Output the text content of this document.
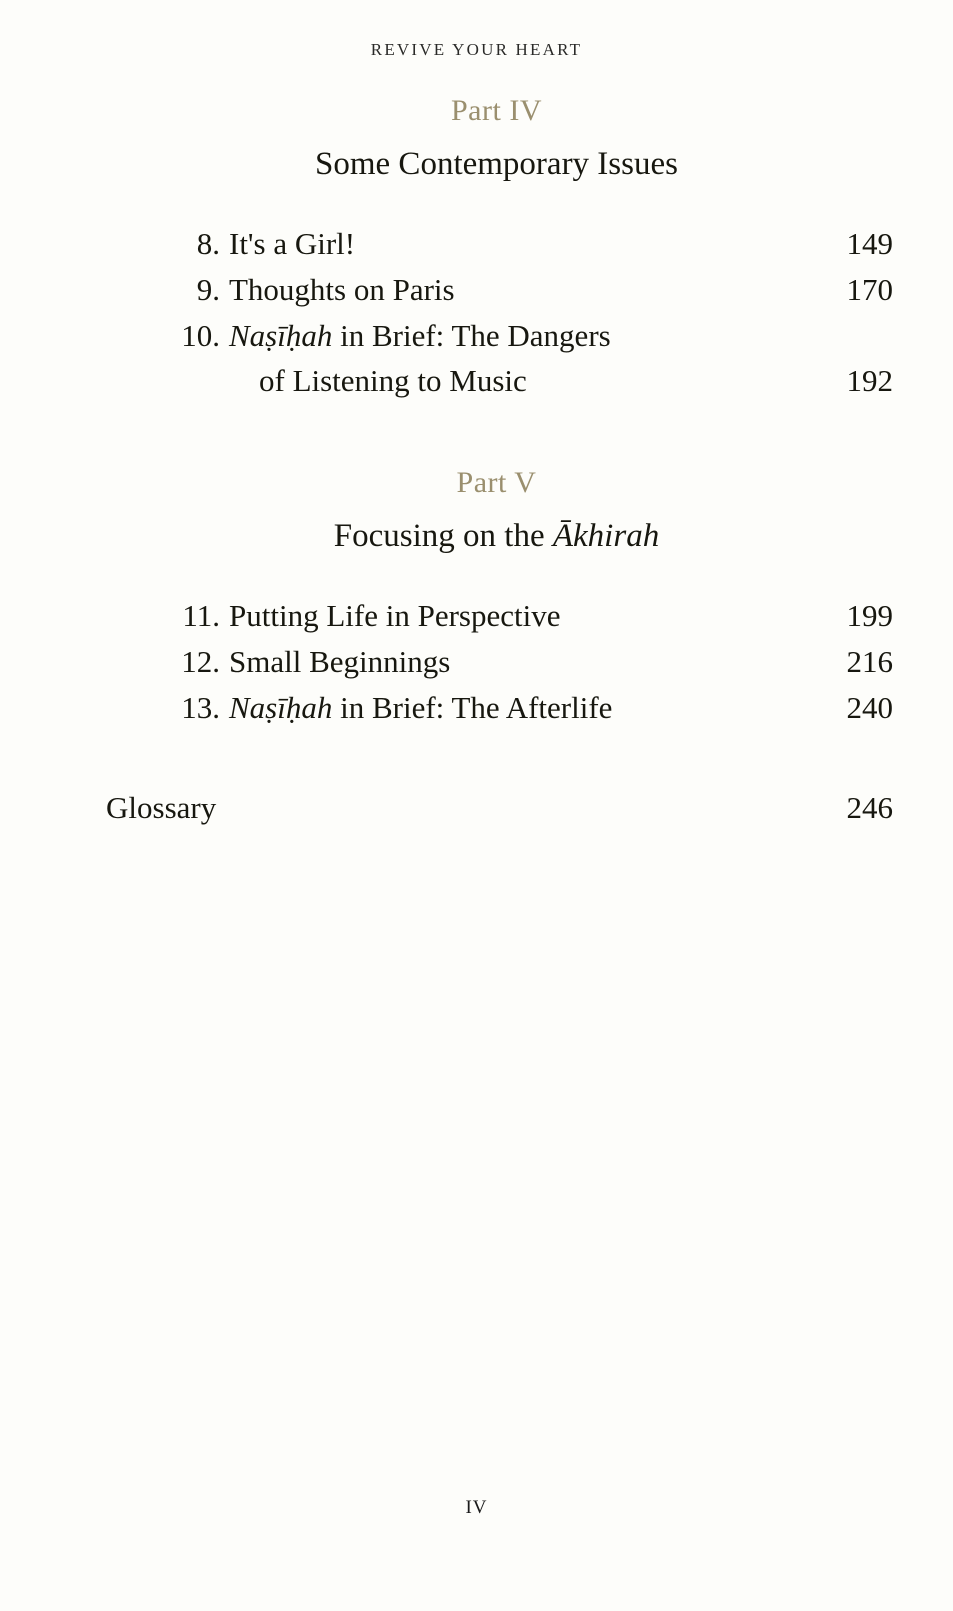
REVIVE YOUR HEART

Part IV

Some Contemporary Issues

8. It's a Girl!	149
9. Thoughts on Paris	170
10. Naṣīḥah in Brief: The Dangers
of Listening to Music	192

Part V

Focusing on the Ākhirah

11. Putting Life in Perspective	199
12. Small Beginnings	216
13. Naṣīḥah in Brief: The Afterlife	240
Glossary	246
IV
